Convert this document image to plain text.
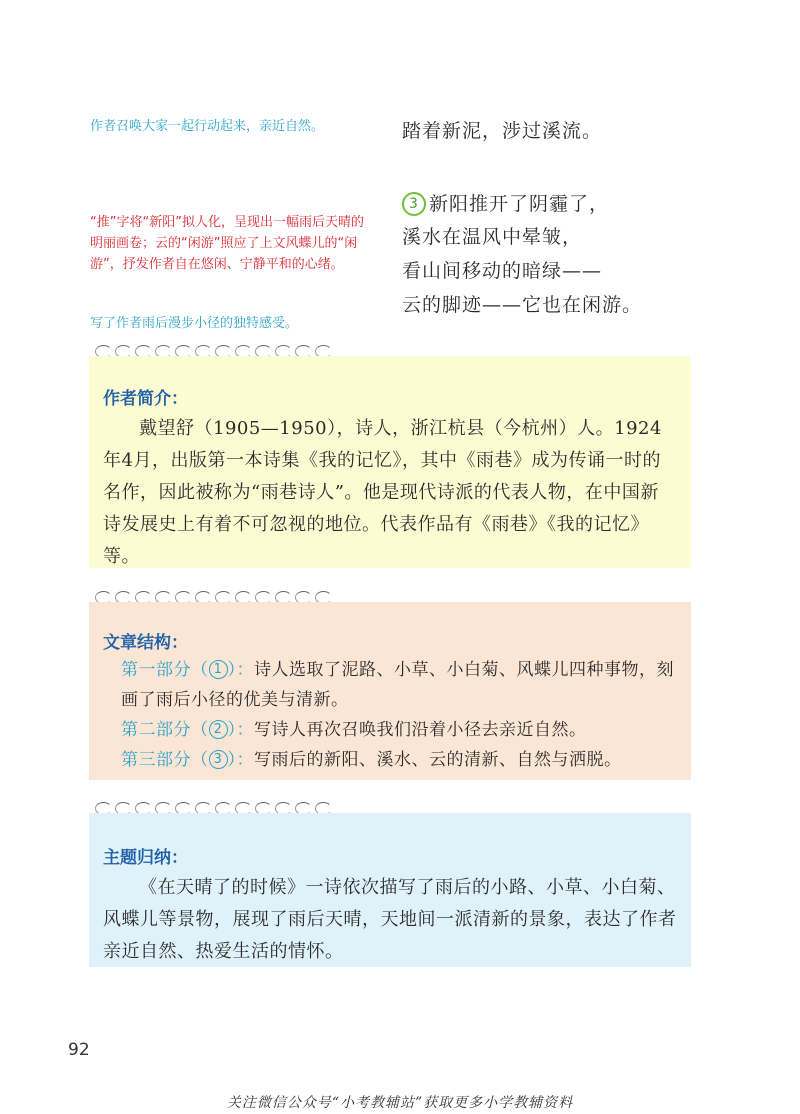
作者召唤大家一起行动起来，亲近自然。
“推”字将“新阳”拟人化，呈现出一幅雨后天晴的明丽画卷；云的“闲游”照应了上文风蝶儿的“闲游”，抒发作者自在悠闲、宁静平和的心绪。
写了作者雨后漫步小径的独特感受。
踏着新泥，涉过溪流。
3 新阳推开了阴霾了，
溪水在温风中晕皱，
看山间移动的暗绿——
云的脚迹——它也在闲游。
作者简介：
戴望舒（1905—1950），诗人，浙江杭县（今杭州）人。1924年4月，出版第一本诗集《我的记忆》，其中《雨巷》成为传诵一时的名作，因此被称为“雨巷诗人”。他是现代诗派的代表人物，在中国新诗发展史上有着不可忽视的地位。代表作品有《雨巷》《我的记忆》等。
文章结构：
第一部分（ 1 ）：诗人选取了泥路、小草、小白菊、风蝶儿四种事物，刻画了雨后小径的优美与清新。
第二部分（ 2 ）：写诗人再次召唤我们沿着小径去亲近自然。
第三部分（ 3 ）：写雨后的新阳、溪水、云的清新、自然与洒脱。
主题归纳：
《在天晴了的时候》一诗依次描写了雨后的小路、小草、小白菊、风蝶儿等景物，展现了雨后天晴，天地间一派清新的景象，表达了作者亲近自然、热爱生活的情怀。
92
关注微信公众号“小考教辅站”获取更多小学教辅资料
